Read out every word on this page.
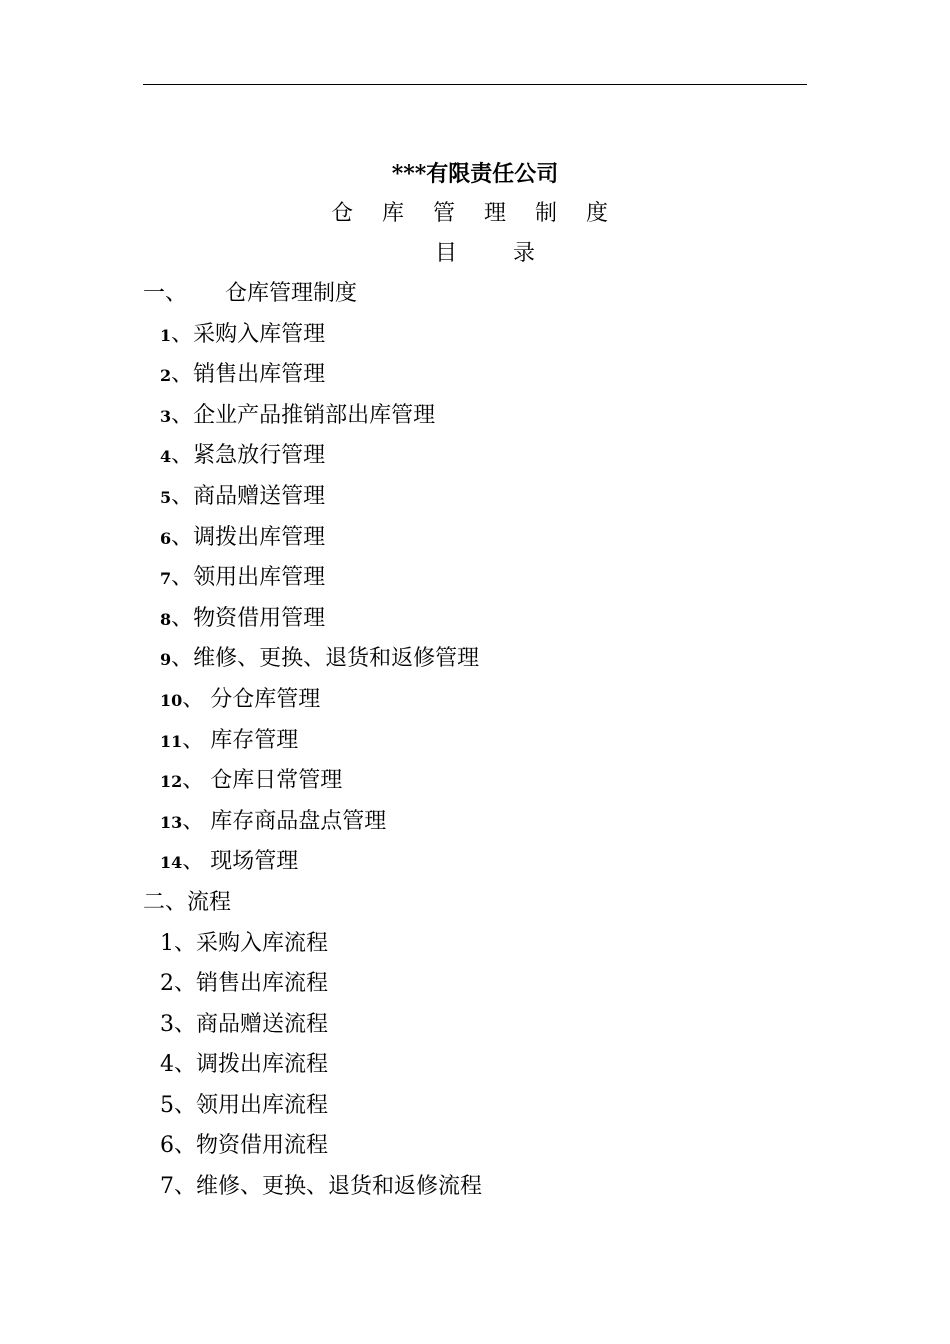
***有限责任公司
仓 库 管 理 制 度
目        录
一 、 仓库管理制度
1 、 采购入库管理
2 、 销售出库管理
3 、 企业产品推销部出库管理
4 、 紧急放行管理
5 、 商品赠送管理
6 、 调拨出库管理
7 、 领用出库管理
8 、 物资借用管理
9 、 维修、更换、退货和返修管理
10 、 分仓库管理
11 、 库存管理
12 、 仓库日常管理
13 、 库存商品盘点管理
14 、 现场管理
二 、 流程
1 、 采购入库流程
2 、 销售出库流程
3 、 商品赠送流程
4 、 调拨出库流程
5 、 领用出库流程
6 、 物资借用流程
7 、 维修、更换、退货和返修流程
